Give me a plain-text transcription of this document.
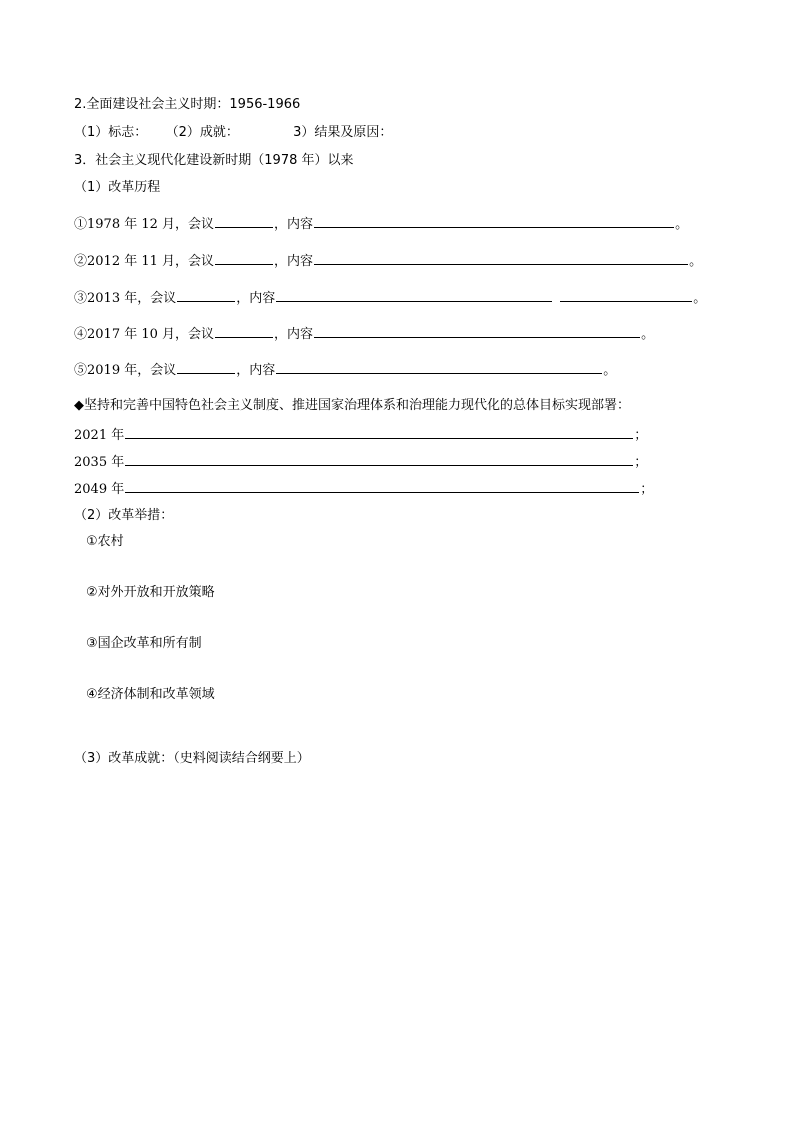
2.全面建设社会主义时期：1956-1966
（1）标志： （2）成就：	3）结果及原因：
3．社会主义现代化建设新时期（1978 年）以来
（1）改革历程
①1978 年 12 月，会议	，内容	。
②2012 年 11 月，会议	，内容	。
③2013 年，会议	，内容	。
④2017 年 10 月，会议	，内容	。
⑤2019 年，会议	，内容	。
◆坚持和完善中国特色社会主义制度、推进国家治理体系和治理能力现代化的总体目标实现部署：
2021 年	；
2035 年	；
2049 年	；
（2）改革举措：
①农村
②对外开放和开放策略
③国企改革和所有制
④经济体制和改革领域
（3）改革成就：（史料阅读结合纲要上）
